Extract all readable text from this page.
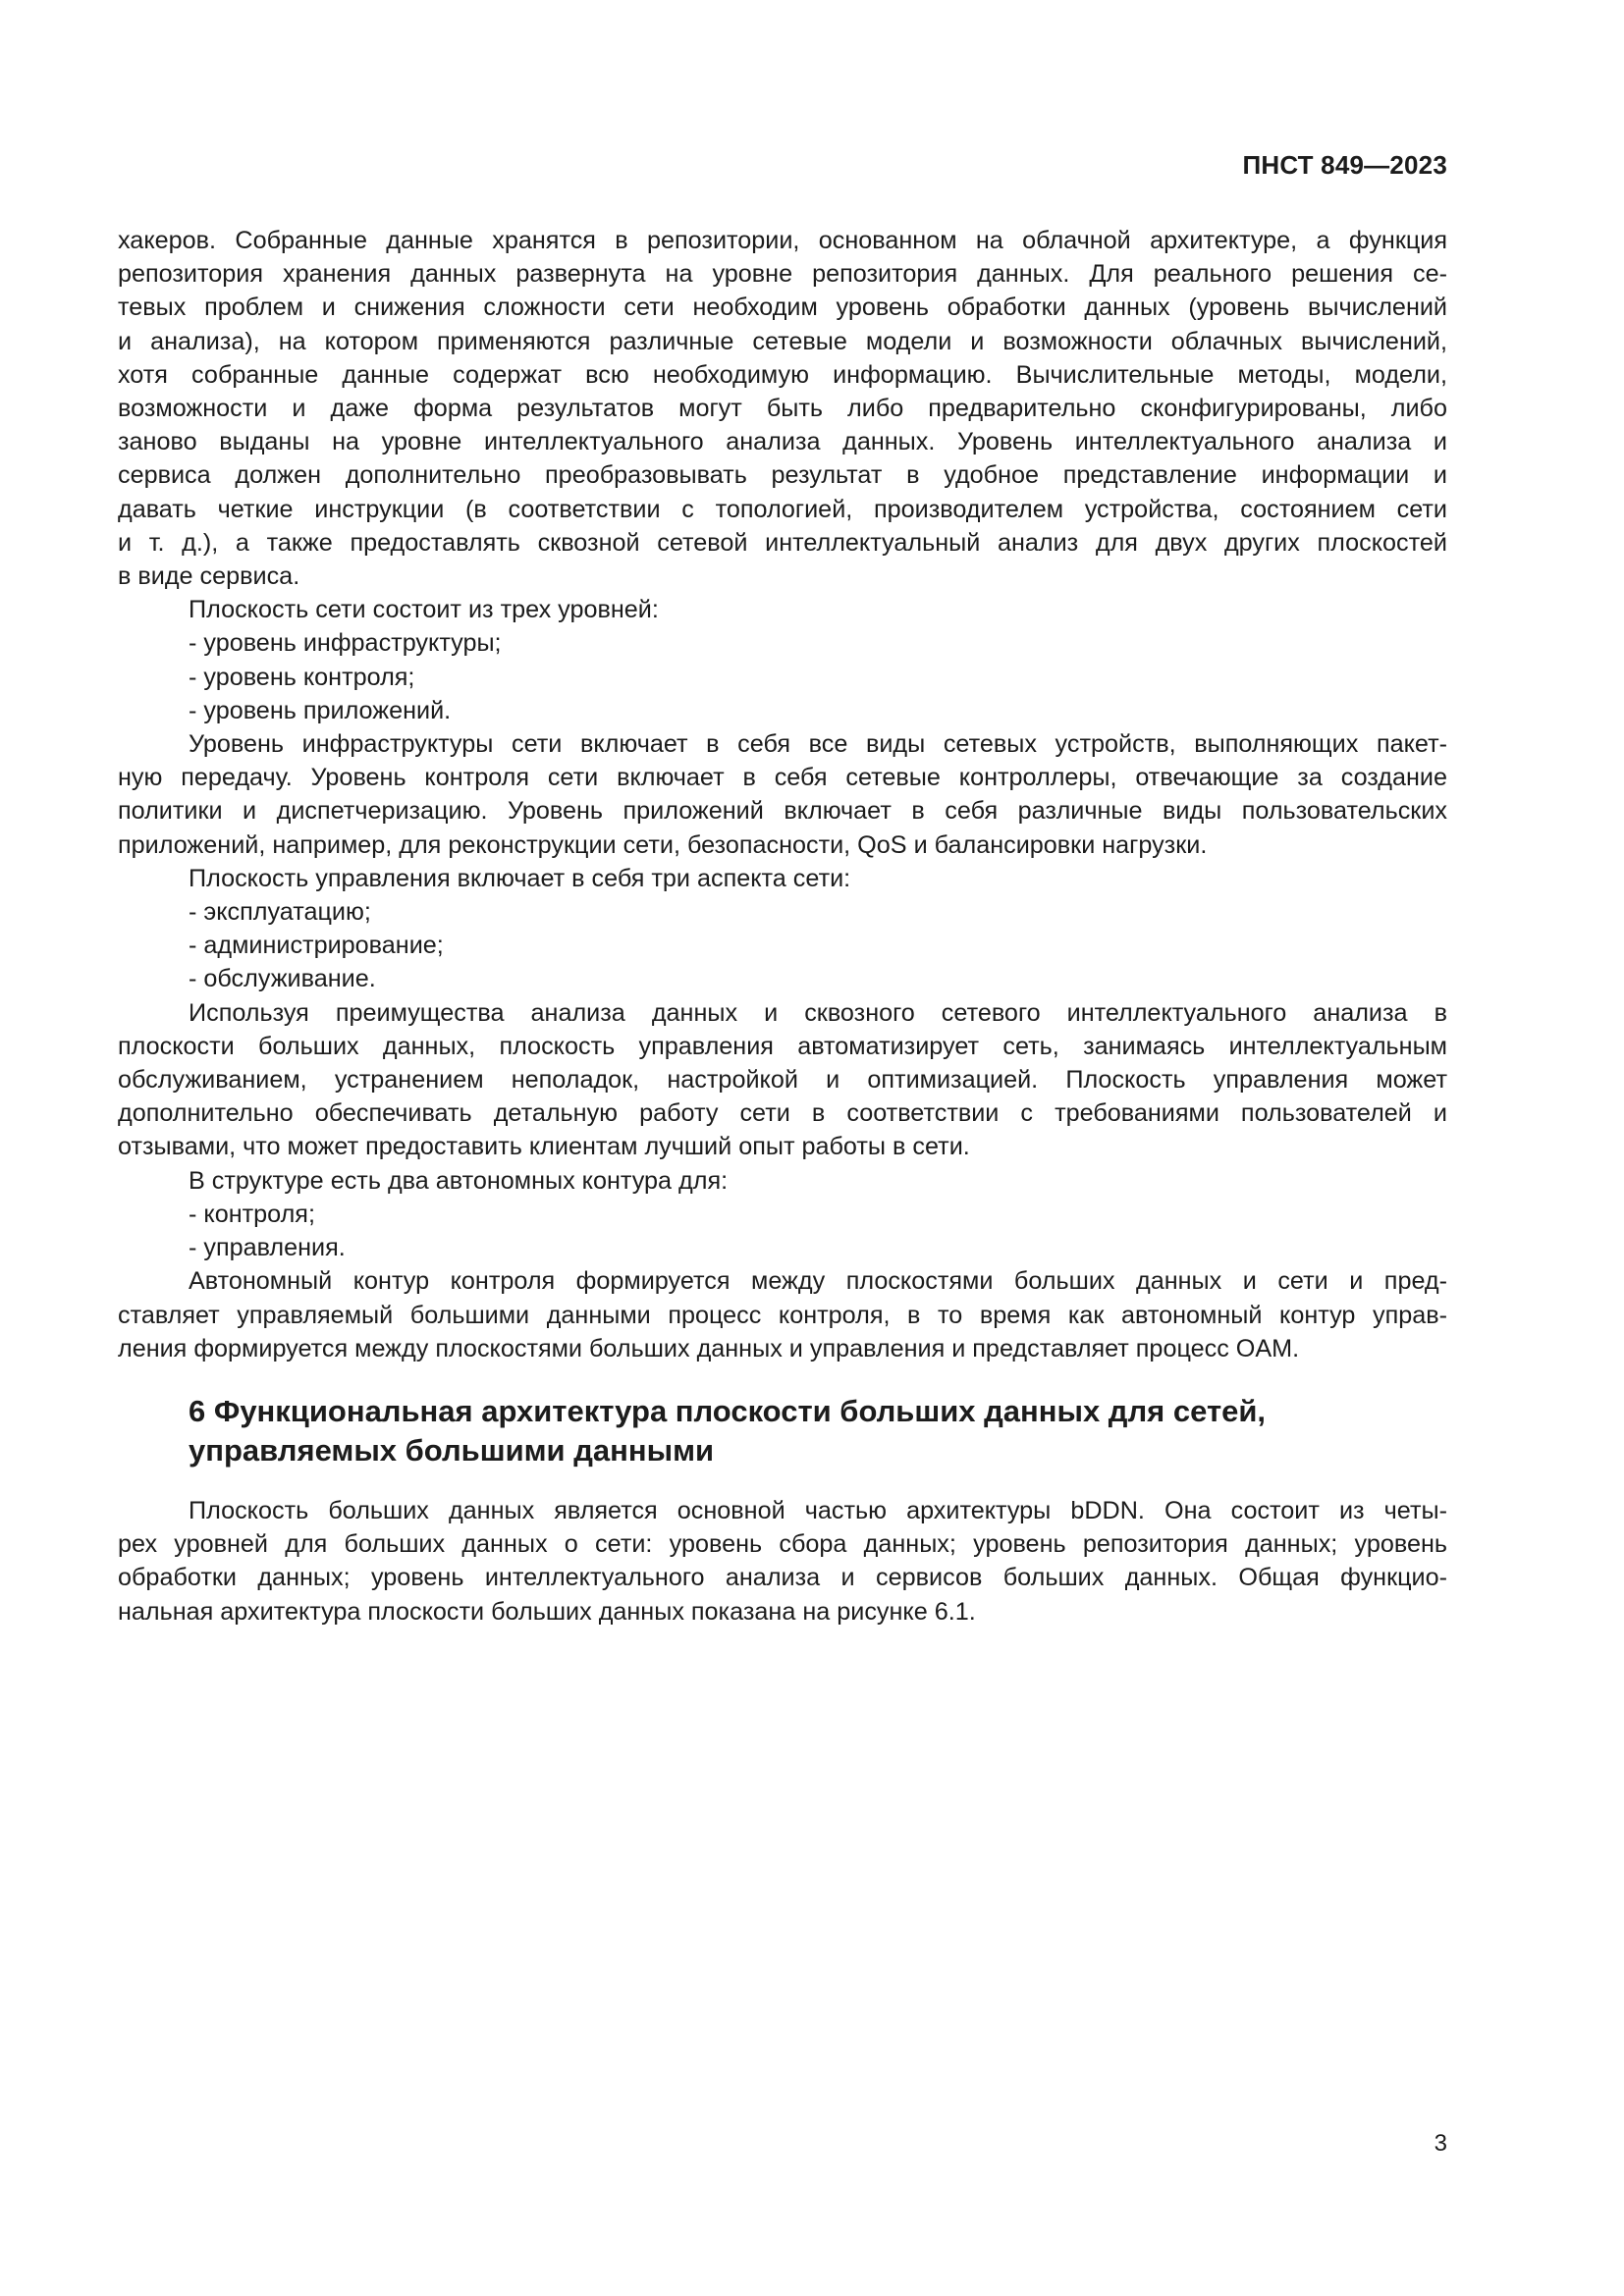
ПНСТ 849—2023
хакеров. Собранные данные хранятся в репозитории, основанном на облачной архитектуре, а функция
репозитория хранения данных развернута на уровне репозитория данных. Для реального решения се-
тевых проблем и снижения сложности сети необходим уровень обработки данных (уровень вычислений
и анализа), на котором применяются различные сетевые модели и возможности облачных вычислений,
хотя собранные данные содержат всю необходимую информацию. Вычислительные методы, модели,
возможности и даже форма результатов могут быть либо предварительно сконфигурированы, либо
заново выданы на уровне интеллектуального анализа данных. Уровень интеллектуального анализа и
сервиса должен дополнительно преобразовывать результат в удобное представление информации и
давать четкие инструкции (в соответствии с топологией, производителем устройства, состоянием сети
и т. д.), а также предоставлять сквозной сетевой интеллектуальный анализ для двух других плоскостей
в виде сервиса.

Плоскость сети состоит из трех уровней:

- уровень инфраструктуры;

- уровень контроля;

- уровень приложений.

Уровень инфраструктуры сети включает в себя все виды сетевых устройств, выполняющих пакет-
ную передачу. Уровень контроля сети включает в себя сетевые контроллеры, отвечающие за создание
политики и диспетчеризацию. Уровень приложений включает в себя различные виды пользовательских
приложений, например, для реконструкции сети, безопасности, QoS и балансировки нагрузки.

Плоскость управления включает в себя три аспекта сети:

- эксплуатацию;

- администрирование;

- обслуживание.

Используя преимущества анализа данных и сквозного сетевого интеллектуального анализа в
плоскости больших данных, плоскость управления автоматизирует сеть, занимаясь интеллектуальным
обслуживанием, устранением неполадок, настройкой и оптимизацией. Плоскость управления может
дополнительно обеспечивать детальную работу сети в соответствии с требованиями пользователей и
отзывами, что может предоставить клиентам лучший опыт работы в сети.

В структуре есть два автономных контура для:

- контроля;

- управления.

Автономный контур контроля формируется между плоскостями больших данных и сети и пред-
ставляет управляемый большими данными процесс контроля, в то время как автономный контур управ-
ления формируется между плоскостями больших данных и управления и представляет процесс OAM.
6 Функциональная архитектура плоскости больших данных для сетей,
управляемых большими данными
Плоскость больших данных является основной частью архитектуры bDDN. Она состоит из четы-
рех уровней для больших данных о сети: уровень сбора данных; уровень репозитория данных; уровень
обработки данных; уровень интеллектуального анализа и сервисов больших данных. Общая функцио-
нальная архитектура плоскости больших данных показана на рисунке 6.1.
3
